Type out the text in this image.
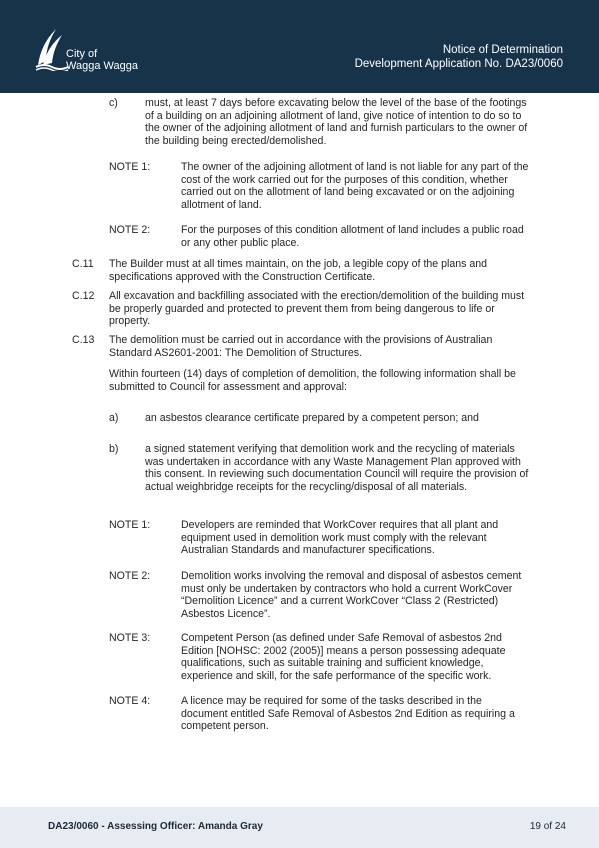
City of
Wagga Wagga
Notice of Determination
Development Application No. DA23/0060

c)	must, at least 7 days before excavating below the level of the base of the footings of a building on an adjoining allotment of land, give notice of intention to do so to the owner of the adjoining allotment of land and furnish particulars to the owner of the building being erected/demolished.

NOTE 1:	The owner of the adjoining allotment of land is not liable for any part of the cost of the work carried out for the purposes of this condition, whether carried out on the allotment of land being excavated or on the adjoining allotment of land.

NOTE 2:	For the purposes of this condition allotment of land includes a public road or any other public place.

C.11 The Builder must at all times maintain, on the job, a legible copy of the plans and specifications approved with the Construction Certificate.

C.12 All excavation and backfilling associated with the erection/demolition of the building must be properly guarded and protected to prevent them from being dangerous to life or property.

C.13 The demolition must be carried out in accordance with the provisions of Australian Standard AS2601-2001: The Demolition of Structures.

Within fourteen (14) days of completion of demolition, the following information shall be submitted to Council for assessment and approval:

a)	an asbestos clearance certificate prepared by a competent person; and

b)	a signed statement verifying that demolition work and the recycling of materials was undertaken in accordance with any Waste Management Plan approved with this consent. In reviewing such documentation Council will require the provision of actual weighbridge receipts for the recycling/disposal of all materials.

NOTE 1:	Developers are reminded that WorkCover requires that all plant and equipment used in demolition work must comply with the relevant Australian Standards and manufacturer specifications.

NOTE 2:	Demolition works involving the removal and disposal of asbestos cement must only be undertaken by contractors who hold a current WorkCover “Demolition Licence” and a current WorkCover “Class 2 (Restricted) Asbestos Licence”.

NOTE 3:	Competent Person (as defined under Safe Removal of asbestos 2nd Edition [NOHSC: 2002 (2005)] means a person possessing adequate qualifications, such as suitable training and sufficient knowledge, experience and skill, for the safe performance of the specific work.

NOTE 4:	A licence may be required for some of the tasks described in the document entitled Safe Removal of Asbestos 2nd Edition as requiring a competent person.

DA23/0060 - Assessing Officer: Amanda Gray	19 of 24
